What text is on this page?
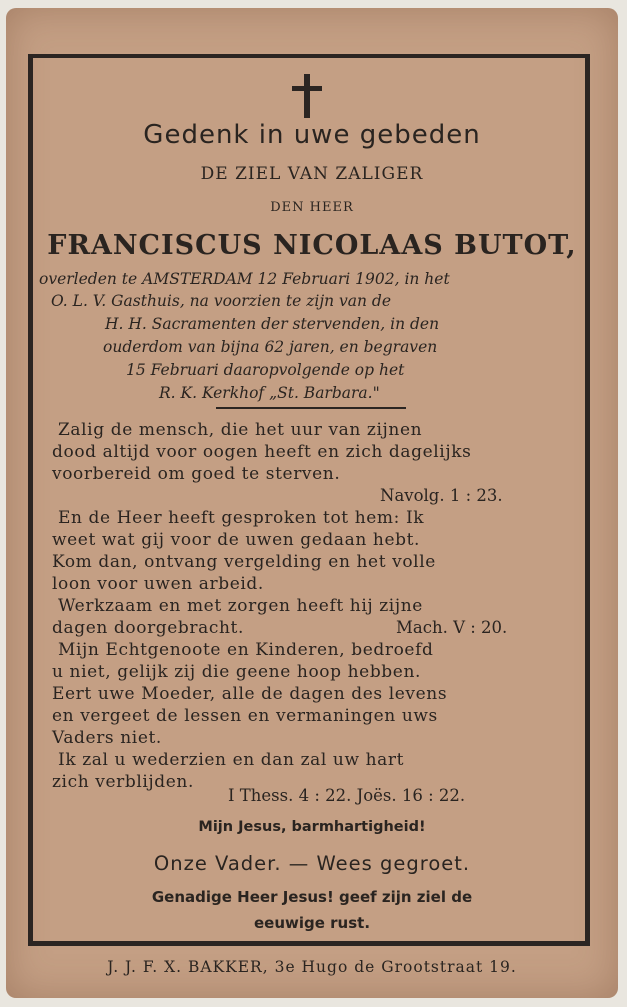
Gedenk in uwe gebeden
DE ZIEL VAN ZALIGER
DEN HEER
FRANCISCUS NICOLAAS BUTOT,
overleden te AMSTERDAM 12 Februari 1902, in het
O. L. V. Gasthuis, na voorzien te zijn van de
H. H. Sacramenten der stervenden, in den
ouderdom van bijna 62 jaren, en begraven
15 Februari daaropvolgende op het
R. K. Kerkhof „St. Barbara."
Zalig de mensch, die het uur van zijnen
dood altijd voor oogen heeft en zich dagelijks
voorbereid om goed te sterven.
Navolg. 1 : 23.
En de Heer heeft gesproken tot hem: Ik
weet wat gij voor de uwen gedaan hebt.
Kom dan, ontvang vergelding en het volle
loon voor uwen arbeid.
Werkzaam en met zorgen heeft hij zijne
dagen doorgebracht.	Mach. V : 20.
Mijn Echtgenoote en Kinderen, bedroefd
u niet, gelijk zij die geene hoop hebben.
Eert uwe Moeder, alle de dagen des levens
en vergeet de lessen en vermaningen uws
Vaders niet.
Ik zal u wederzien en dan zal uw hart
zich verblijden.
I Thess. 4 : 22. Joës. 16 : 22.
Mijn Jesus, barmhartigheid!
Onze Vader. — Wees gegroet.
Genadige Heer Jesus! geef zijn ziel de
eeuwige rust.
J. J. F. X. BAKKER, 3e Hugo de Grootstraat 19.
